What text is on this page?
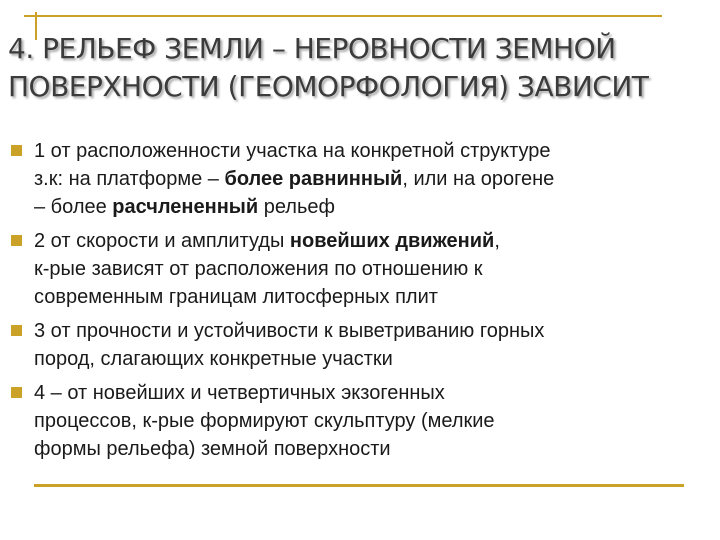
4. РЕЛЬЕФ ЗЕМЛИ – НЕРОВНОСТИ ЗЕМНОЙ
ПОВЕРХНОСТИ (ГЕОМОРФОЛОГИЯ) ЗАВИСИТ
1 от расположенности участка на конкретной структуре
з.к: на платформе – более равнинный, или на орогене
– более расчлененный рельеф
2 от скорости и амплитуды новейших движений,
к-рые зависят от расположения по отношению к
современным границам литосферных плит
3 от прочности и устойчивости к выветриванию горных
пород, слагающих конкретные участки
4 – от новейших и четвертичных экзогенных
процессов, к-рые формируют скульптуру (мелкие
формы рельефа) земной поверхности
